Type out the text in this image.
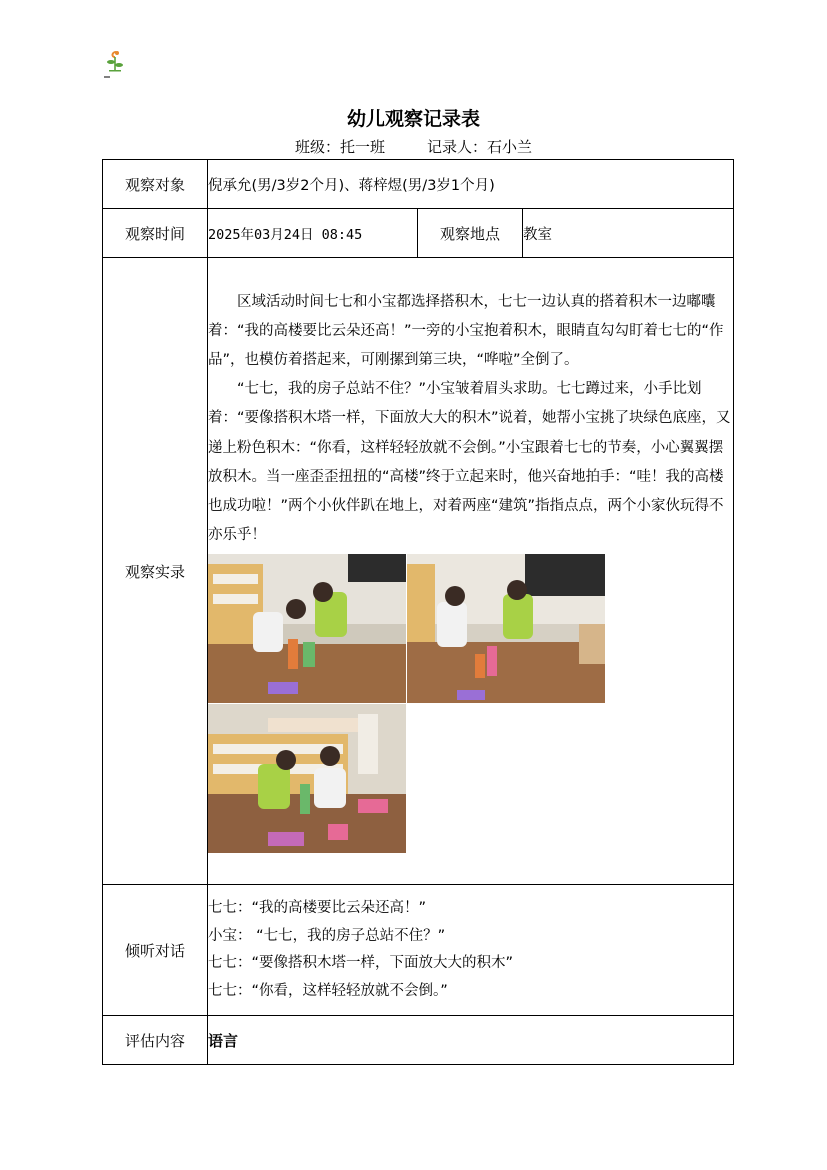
幼儿观察记录表
班级：托一班	记录人：石小兰
观察对象	倪承允(男/3岁2个月)、蒋梓煜(男/3岁1个月)		
观察时间	2025年03月24日 08:45	观察地点	教室
观察实录	区域活动时间七七和小宝都选择搭积木，七七一边认真的搭着积木一边嘟囔着：“我的高楼要比云朵还高！”一旁的小宝抱着积木，眼睛直勾勾盯着七七的“作品”，也模仿着搭起来，可刚摞到第三块，“哗啦”全倒了。

“七七，我的房子总站不住？”小宝皱着眉头求助。七七蹲过来，小手比划着：“要像搭积木塔一样，下面放大大的积木”说着，她帮小宝挑了块绿色底座，又递上粉色积木：“你看，这样轻轻放就不会倒。”小宝跟着七七的节奏，小心翼翼摆放积木。当一座歪歪扭扭的“高楼”终于立起来时，他兴奋地拍手：“哇！我的高楼也成功啦！”两个小伙伴趴在地上，对着两座“建筑”指指点点，两个小家伙玩得不亦乐乎！		

倾听对话	七七：“我的高楼要比云朵还高！”
小宝： “七七，我的房子总站不住？”
七七：“要像搭积木塔一样，下面放大大的积木”
七七：“你看，这样轻轻放就不会倒。”		

评估内容	语言		
